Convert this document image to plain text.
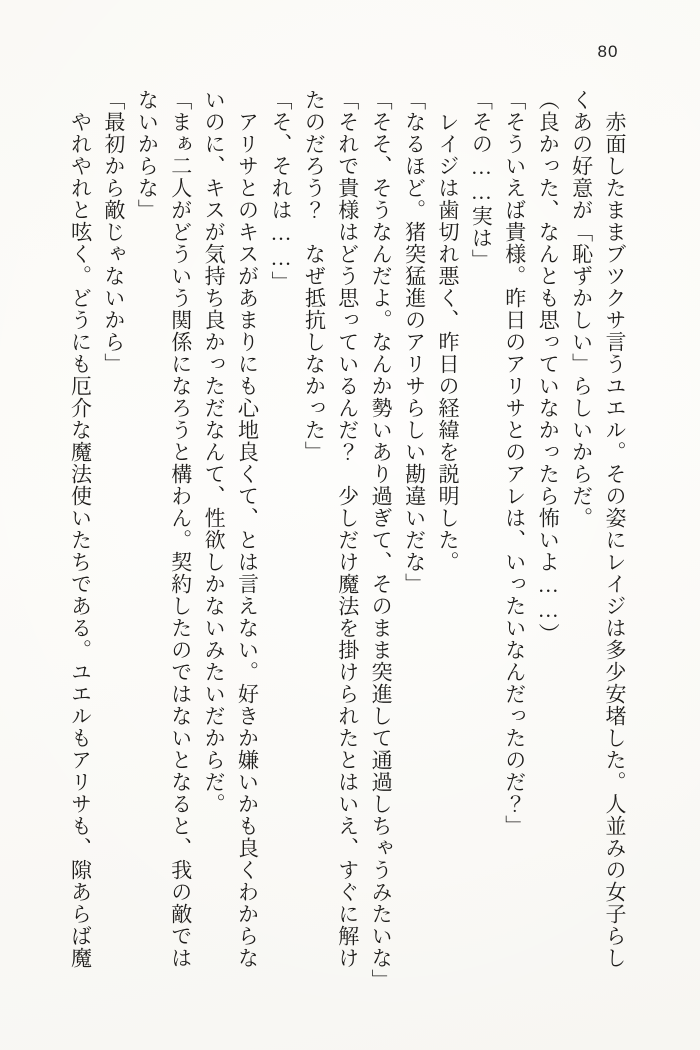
80

　赤面したままブツクサ言うユエル。その姿にレイジは多少安堵した。人並みの女子らし

くあの好意が「恥ずかしい」らしいからだ。

（良かった、なんとも思っていなかったら怖いよ……）

「そういえば貴様。昨日のアリサとのアレは、いったいなんだったのだ？」

「その……実は」

　レイジは歯切れ悪く、昨日の経緯を説明した。

「なるほど。猪突猛進のアリサらしい勘違いだな」

「そそ、そうなんだよ。なんか勢いあり過ぎて、そのまま突進して通過しちゃうみたいな」

「それで貴様はどう思っているんだ？　少しだけ魔法を掛けられたとはいえ、すぐに解け

たのだろう？　なぜ抵抗しなかった」

「そ、それは……」

　アリサとのキスがあまりにも心地良くて、とは言えない。好きか嫌いかも良くわからな

いのに、キスが気持ち良かっただなんて、性欲しかないみたいだからだ。

「まぁ二人がどういう関係になろうと構わん。契約したのではないとなると、我の敵では

ないからな」

「最初から敵じゃないから」

　やれやれと呟く。どうにも厄介な魔法使いたちである。ユエルもアリサも、隙あらば魔
